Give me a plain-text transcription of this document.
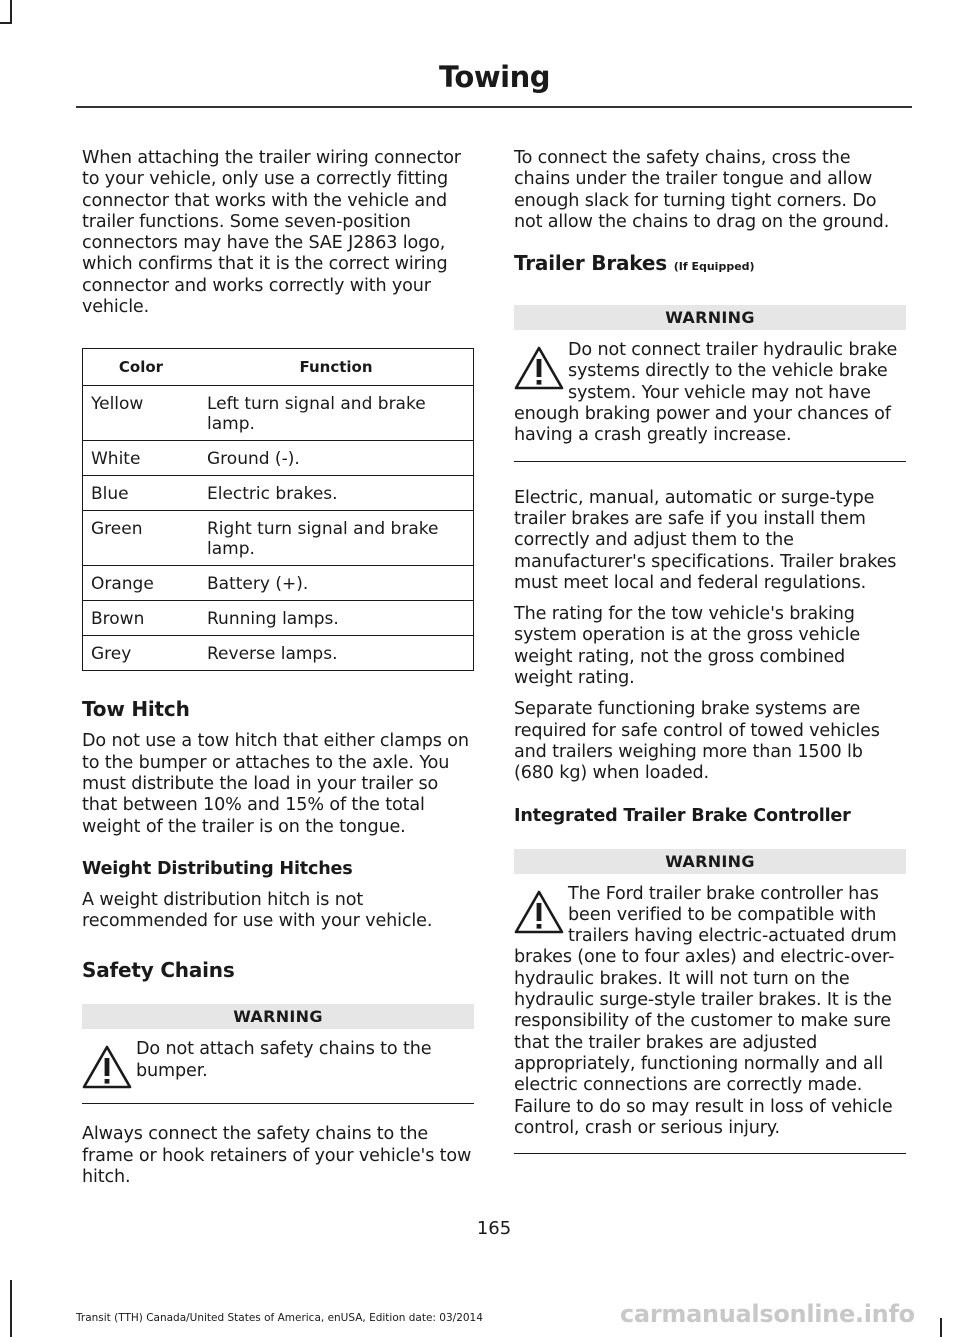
Towing

When attaching the trailer wiring connector to your vehicle, only use a correctly fitting connector that works with the vehicle and trailer functions. Some seven-position connectors may have the SAE J2863 logo, which confirms that it is the correct wiring connector and works correctly with your vehicle.

Color	Function
Yellow	Left turn signal and brake lamp.
White	Ground (-).
Blue	Electric brakes.
Green	Right turn signal and brake lamp.
Orange	Battery (+).
Brown	Running lamps.
Grey	Reverse lamps.
Tow Hitch

Do not use a tow hitch that either clamps on to the bumper or attaches to the axle. You must distribute the load in your trailer so that between 10% and 15% of the total weight of the trailer is on the tongue.

Weight Distributing Hitches

A weight distribution hitch is not recommended for use with your vehicle.

Safety Chains
WARNING
Do not attach safety chains to the bumper.

Always connect the safety chains to the frame or hook retainers of your vehicle's tow hitch.

To connect the safety chains, cross the chains under the trailer tongue and allow enough slack for turning tight corners. Do not allow the chains to drag on the ground.

Trailer Brakes (If Equipped)
WARNING
Do not connect trailer hydraulic brake systems directly to the vehicle brake system. Your vehicle may not have enough braking power and your chances of having a crash greatly increase.

Electric, manual, automatic or surge-type trailer brakes are safe if you install them correctly and adjust them to the manufacturer's specifications. Trailer brakes must meet local and federal regulations.

The rating for the tow vehicle's braking system operation is at the gross vehicle weight rating, not the gross combined weight rating.

Separate functioning brake systems are required for safe control of towed vehicles and trailers weighing more than 1500 lb (680 kg) when loaded.

Integrated Trailer Brake Controller
WARNING
The Ford trailer brake controller has been verified to be compatible with trailers having electric-actuated drum brakes (one to four axles) and electric-over-hydraulic brakes. It will not turn on the hydraulic surge-style trailer brakes. It is the responsibility of the customer to make sure that the trailer brakes are adjusted appropriately, functioning normally and all electric connections are correctly made. Failure to do so may result in loss of vehicle control, crash or serious injury.
165
Transit (TTH) Canada/United States of America, enUSA, Edition date: 03/2014	carmanualsonline.info
